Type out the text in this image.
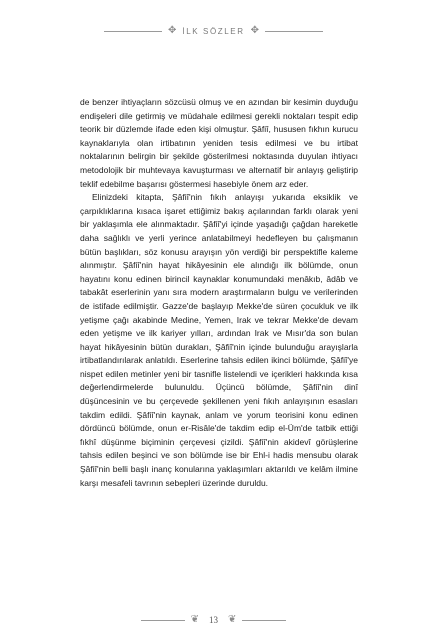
✥ İLK SÖZLER ✥

de benzer ihtiyaçların sözcüsü olmuş ve en azından bir kesimin duyduğu endişeleri dile getirmiş ve müdahale edilmesi gerekli noktaları tespit edip teorik bir düzlemde ifade eden kişi olmuştur. Şâfiî, hususen fıkhın kurucu kaynaklarıyla olan irtibatının yeniden tesis edilmesi ve bu irtibat noktalarının belirgin bir şekilde gösterilmesi noktasında duyulan ihtiyacı metodolojik bir muhtevaya kavuşturması ve alternatif bir anlayış geliştirip teklif edebilme başarısı göstermesi hasebiyle önem arz eder.

Elinizdeki kitapta, Şâfiî'nin fıkıh anlayışı yukarıda eksiklik ve çarpıklıklarına kısaca işaret ettiğimiz bakış açılarından farklı olarak yeni bir yaklaşımla ele alınmaktadır. Şâfiî'yi içinde yaşadığı çağdan hareketle daha sağlıklı ve yerli yerince anlatabilmeyi hedefleyen bu çalışmanın bütün başlıkları, söz konusu arayışın yön verdiği bir perspektifle kaleme alınmıştır. Şâfiî'nin hayat hikâyesinin ele alındığı ilk bölümde, onun hayatını konu edinen birincil kaynaklar konumundaki menâkıb, âdâb ve tabakât eserlerinin yanı sıra modern araştırmaların bulgu ve verilerinden de istifade edilmiştir. Gazze'de başlayıp Mekke'de süren çocukluk ve ilk yetişme çağı akabinde Medine, Yemen, Irak ve tekrar Mekke'de devam eden yetişme ve ilk kariyer yılları, ardından Irak ve Mısır'da son bulan hayat hikâyesinin bütün durakları, Şâfiî'nin içinde bulunduğu arayışlarla irtibatlandırılarak anlatıldı. Eserlerine tahsis edilen ikinci bölümde, Şâfiî'ye nispet edilen metinler yeni bir tasnifle listelendi ve içerikleri hakkında kısa değerlendirmelerde bulunuldu. Üçüncü bölümde, Şâfiî'nin dinî düşüncesinin ve bu çerçevede şekillenen yeni fıkıh anlayışının esasları takdim edildi. Şâfiî'nin kaynak, anlam ve yorum teorisini konu edinen dördüncü bölümde, onun er-Risâle'de takdim edip el-Üm'de tatbik ettiği fıkhî düşünme biçiminin çerçevesi çizildi. Şâfiî'nin akidevî görüşlerine tahsis edilen beşinci ve son bölümde ise bir Ehl-i hadis mensubu olarak Şâfiî'nin belli başlı inanç konularına yaklaşımları aktarıldı ve kelâm ilmine karşı mesafeli tavrının sebepleri üzerinde duruldu.

❦ 13 ❦
